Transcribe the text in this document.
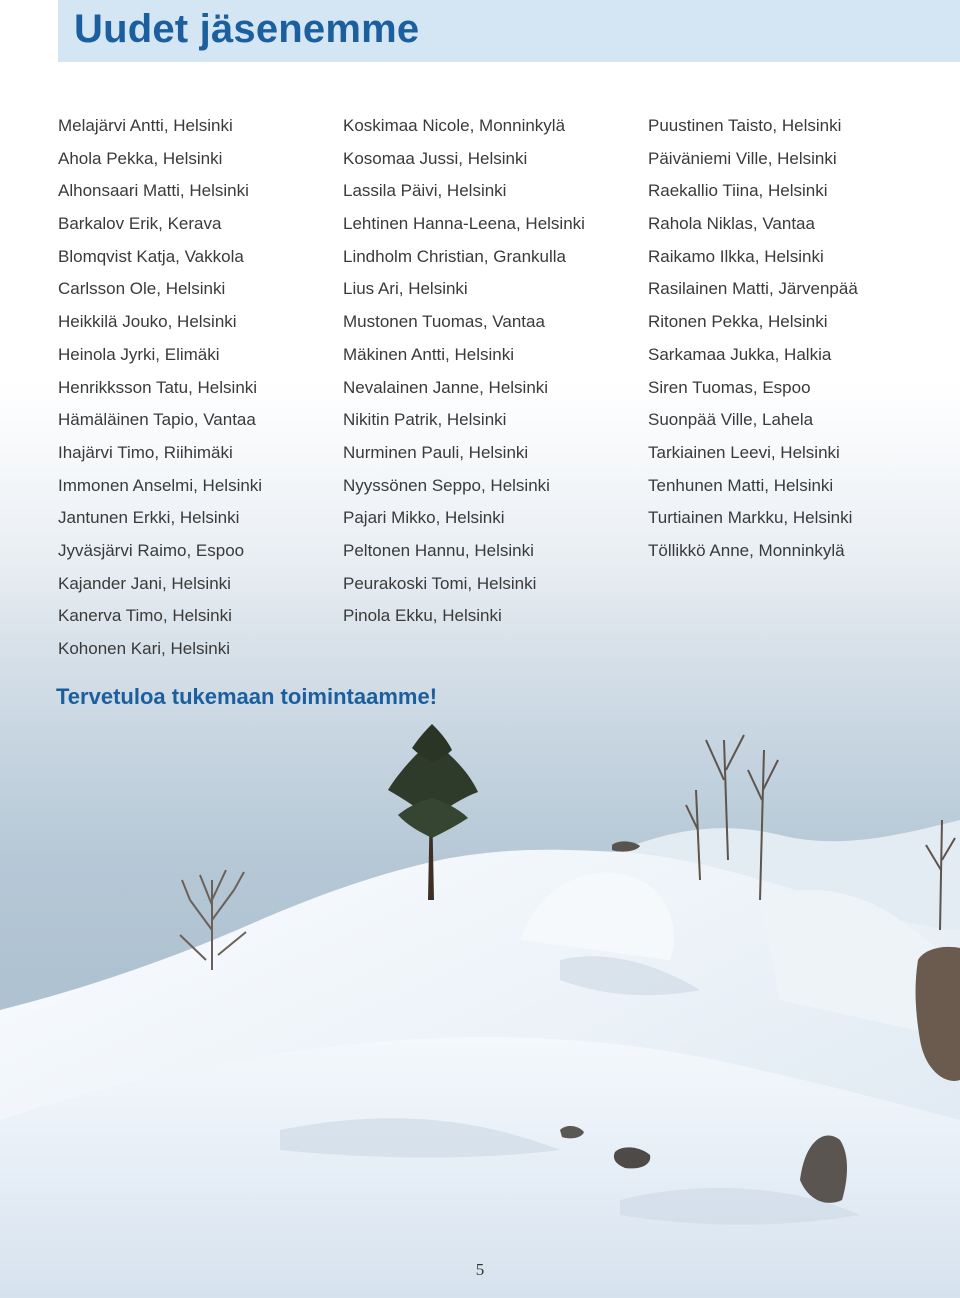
Uudet jäsenemme
Melajärvi Antti, Helsinki
Ahola Pekka, Helsinki
Alhonsaari Matti, Helsinki
Barkalov Erik, Kerava
Blomqvist Katja, Vakkola
Carlsson Ole, Helsinki
Heikkilä Jouko, Helsinki
Heinola Jyrki, Elimäki
Henrikksson Tatu, Helsinki
Hämäläinen Tapio, Vantaa
Ihajärvi Timo, Riihimäki
Immonen Anselmi, Helsinki
Jantunen Erkki, Helsinki
Jyväsjärvi Raimo, Espoo
Kajander Jani, Helsinki
Kanerva Timo, Helsinki
Kohonen Kari, Helsinki
Koskimaa Nicole, Monninkylä
Kosomaa Jussi, Helsinki
Lassila Päivi, Helsinki
Lehtinen Hanna-Leena, Helsinki
Lindholm Christian, Grankulla
Lius Ari, Helsinki
Mustonen Tuomas, Vantaa
Mäkinen Antti, Helsinki
Nevalainen Janne, Helsinki
Nikitin Patrik, Helsinki
Nurminen Pauli, Helsinki
Nyyssönen Seppo, Helsinki
Pajari Mikko, Helsinki
Peltonen Hannu, Helsinki
Peurakoski Tomi, Helsinki
Pinola Ekku, Helsinki
Puustinen Taisto, Helsinki
Päiväniemi Ville, Helsinki
Raekallio Tiina, Helsinki
Rahola Niklas, Vantaa
Raikamo Ilkka, Helsinki
Rasilainen Matti, Järvenpää
Ritonen Pekka, Helsinki
Sarkamaa Jukka, Halkia
Siren Tuomas, Espoo
Suonpää Ville, Lahela
Tarkiainen Leevi, Helsinki
Tenhunen Matti, Helsinki
Turtiainen Markku, Helsinki
Töllikkö Anne, Monninkylä

Tervetuloa tukemaan toimintaamme!

5
